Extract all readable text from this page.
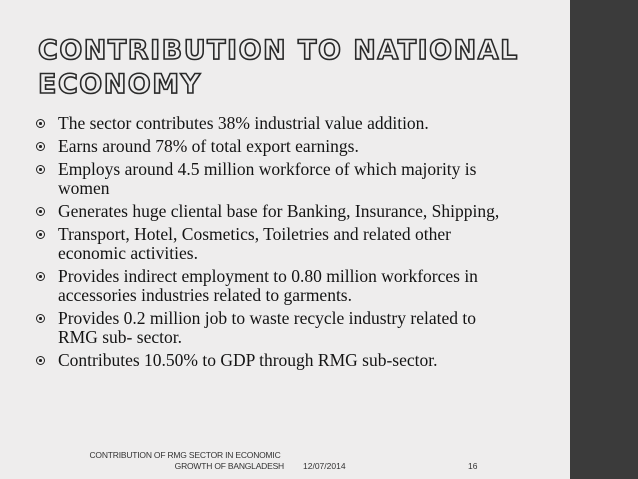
CONTRIBUTION TO NATIONAL ECONOMY
The sector contributes 38% industrial value addition.
Earns around 78% of total export earnings.
Employs around 4.5 million workforce of which majority is women
Generates huge cliental base for Banking, Insurance, Shipping,
Transport, Hotel, Cosmetics, Toiletries and related other economic activities.
Provides indirect employment to 0.80 million workforces in accessories industries related to garments.
Provides 0.2 million job to waste recycle industry related to RMG sub- sector.
Contributes 10.50% to GDP through RMG sub-sector.
CONTRIBUTION OF RMG SECTOR IN ECONOMIC
GROWTH OF BANGLADESH	12/07/2014	16
